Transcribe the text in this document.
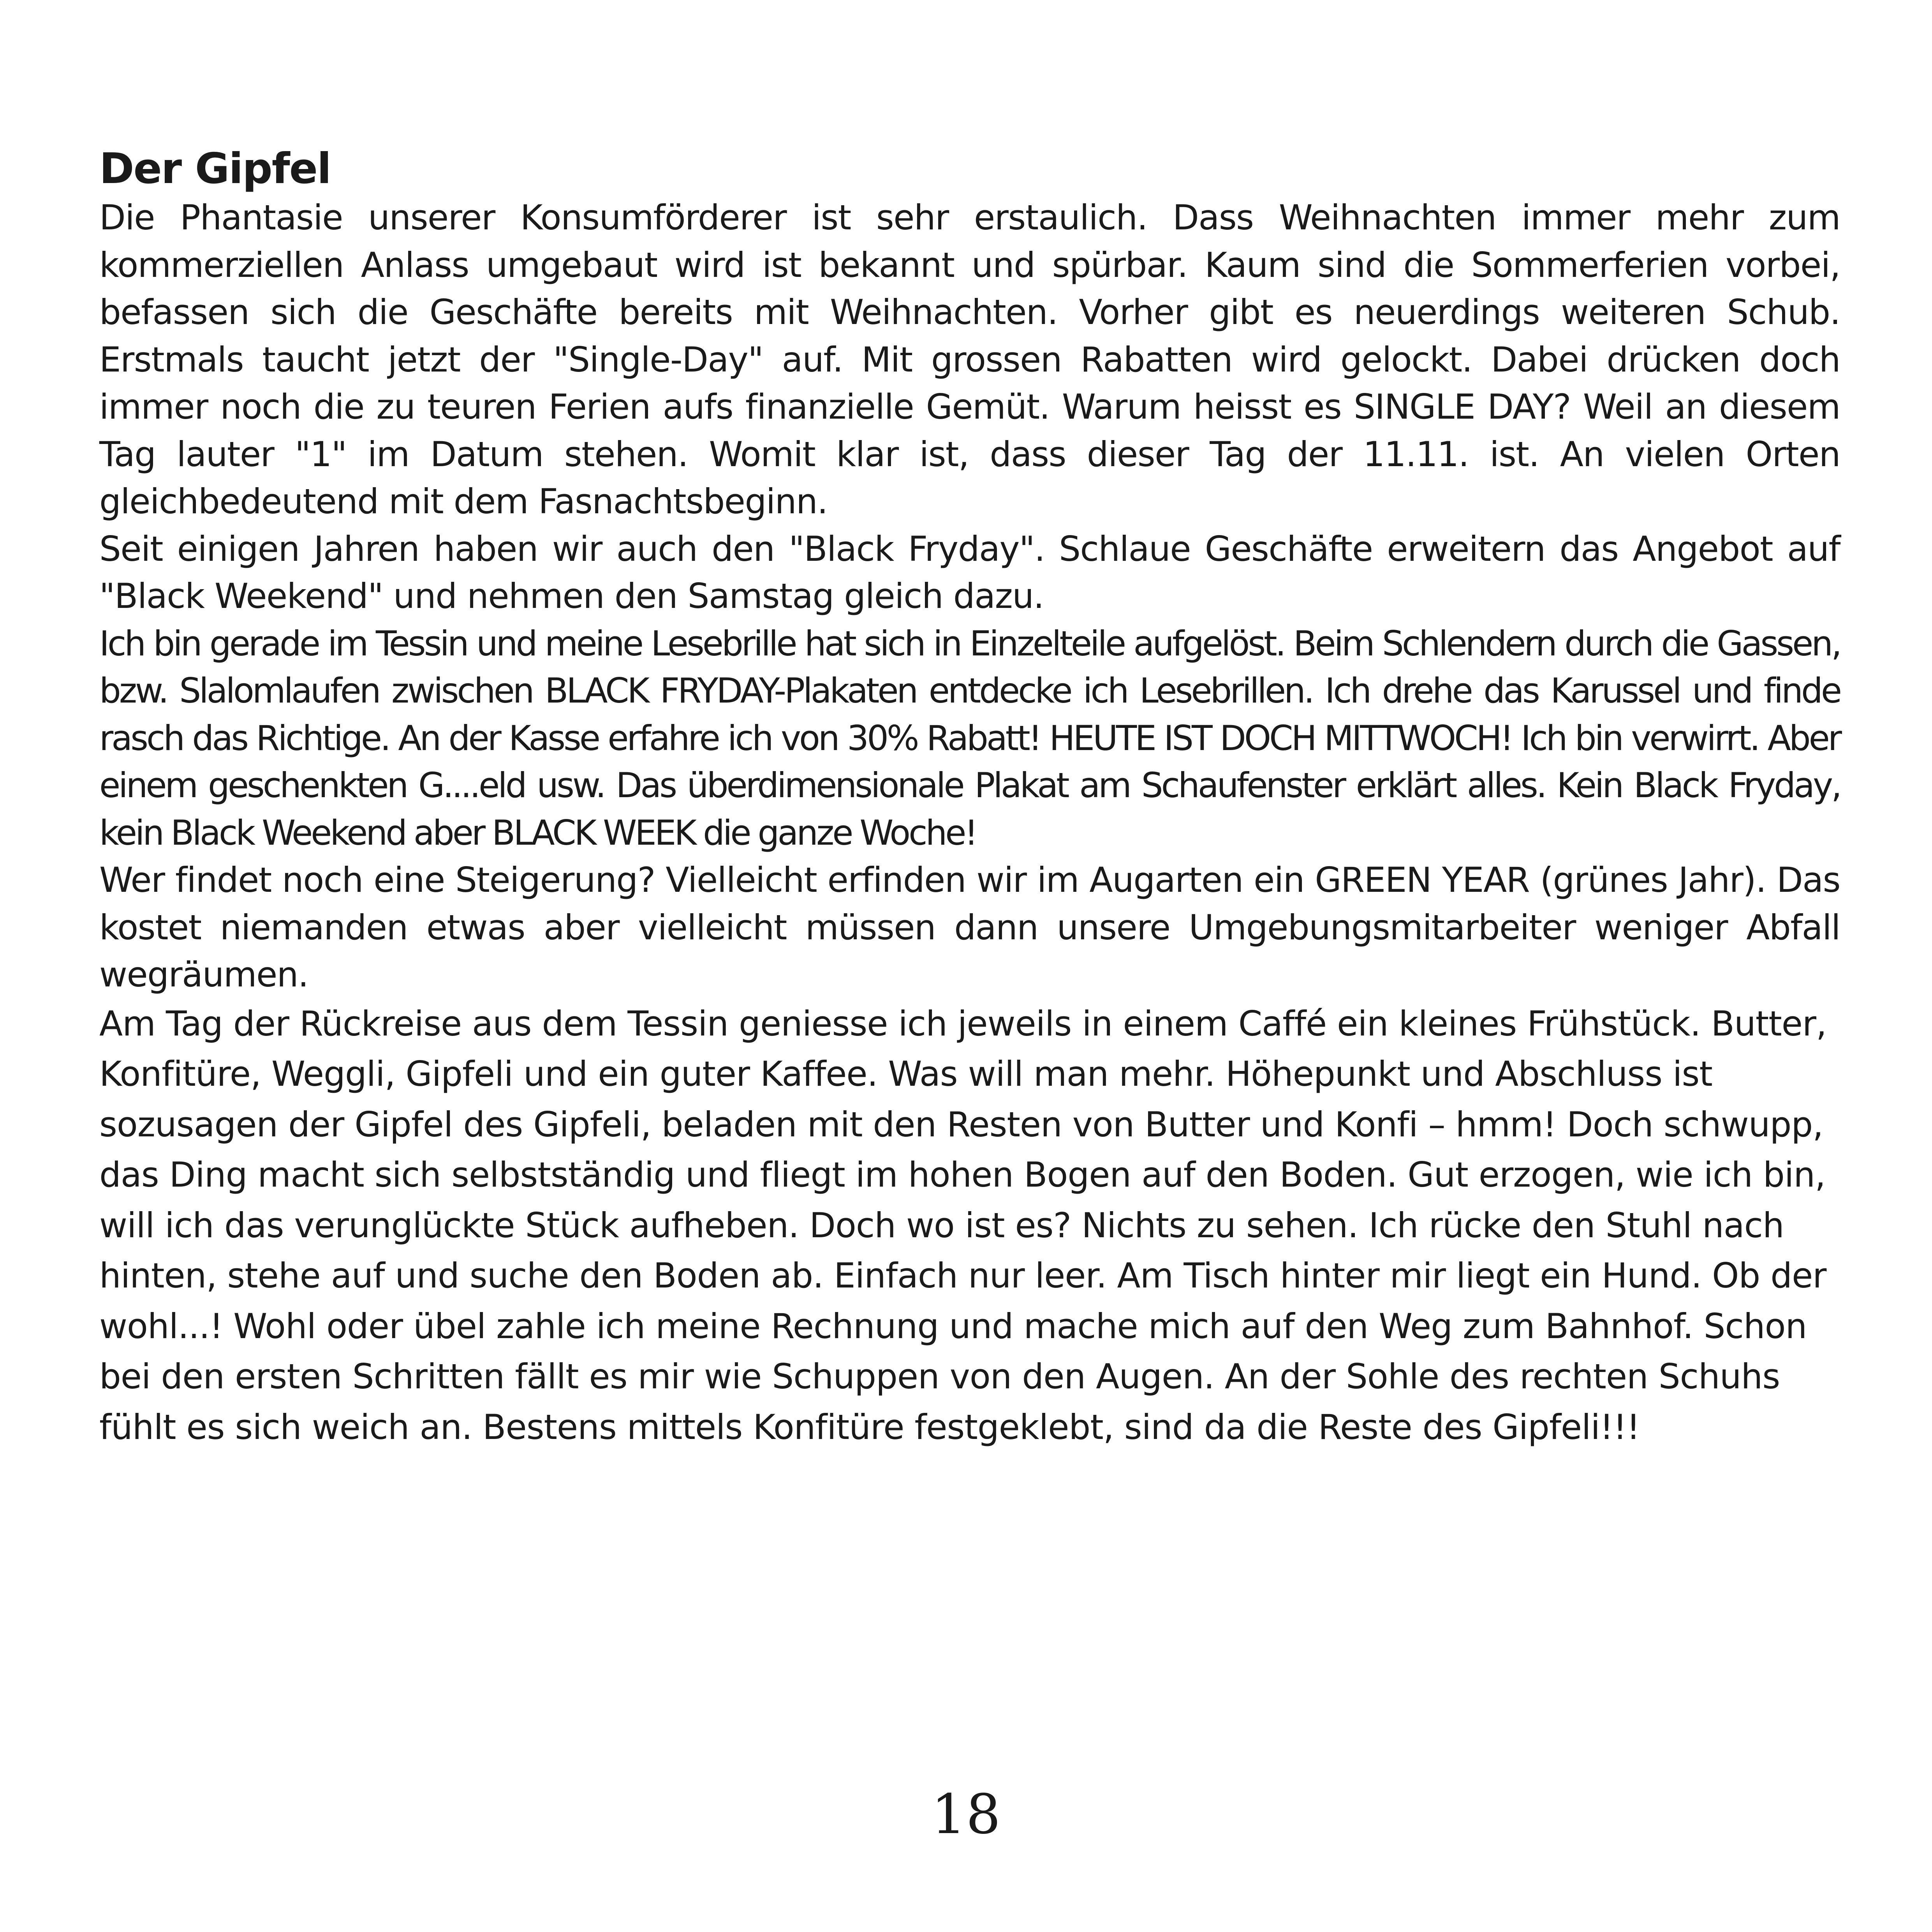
Der Gipfel

Die Phantasie unserer Konsumförderer ist sehr erstaulich. Dass Weihnachten immer mehr zum kommerziellen Anlass umgebaut wird ist bekannt und spürbar. Kaum sind die Sommerferien vorbei, befassen sich die Geschäfte bereits mit Weihnachten. Vorher gibt es neuerdings weiteren Schub. Erstmals taucht jetzt der "Single-Day" auf. Mit grossen Rabatten wird gelockt. Dabei drücken doch immer noch die zu teuren Ferien aufs finanzielle Gemüt. Warum heisst es SINGLE DAY? Weil an diesem Tag lauter "1" im Datum stehen. Womit klar ist, dass dieser Tag der 11.11. ist. An vielen Orten gleichbedeutend mit dem Fasnachtsbeginn.

Seit einigen Jahren haben wir auch den "Black Fryday". Schlaue Geschäfte erweitern das Angebot auf "Black Weekend" und nehmen den Samstag gleich dazu.

Ich bin gerade im Tessin und meine Lesebrille hat sich in Einzelteile aufgelöst. Beim Schlendern durch die Gassen, bzw. Slalomlaufen zwischen BLACK FRYDAY-Plakaten entdecke ich Lesebrillen. Ich drehe das Karussel und finde rasch das Richtige. An der Kasse erfahre ich von 30% Rabatt! HEUTE IST DOCH MITTWOCH! Ich bin verwirrt. Aber einem geschenkten G....eld usw. Das überdimensionale Plakat am Schaufenster erklärt alles. Kein Black Fryday, kein Black Weekend aber BLACK WEEK die ganze Woche!

Wer findet noch eine Steigerung? Vielleicht erfinden wir im Augarten ein GREEN YEAR (grünes Jahr). Das kostet niemanden etwas aber vielleicht müssen dann unsere Umgebungsmitarbeiter weniger Abfall wegräumen.

Am Tag der Rückreise aus dem Tessin geniesse ich jeweils in einem Caffé ein kleines Frühstück. Butter, Konfitüre, Weggli, Gipfeli und ein guter Kaffee. Was will man mehr. Höhepunkt und Abschluss ist sozusagen der Gipfel des Gipfeli, beladen mit den Resten von Butter und Konfi – hmm! Doch schwupp, das Ding macht sich selbstständig und fliegt im hohen Bogen auf den Boden. Gut erzogen, wie ich bin, will ich das verunglückte Stück aufheben. Doch wo ist es? Nichts zu sehen. Ich rücke den Stuhl nach hinten, stehe auf und suche den Boden ab. Einfach nur leer. Am Tisch hinter mir liegt ein Hund. Ob der wohl...! Wohl oder übel zahle ich meine Rechnung und mache mich auf den Weg zum Bahnhof. Schon bei den ersten Schritten fällt es mir wie Schuppen von den Augen. An der Sohle des rechten Schuhs fühlt es sich weich an. Bestens mittels Konfitüre festgeklebt, sind da die Reste des Gipfeli!!!

18
